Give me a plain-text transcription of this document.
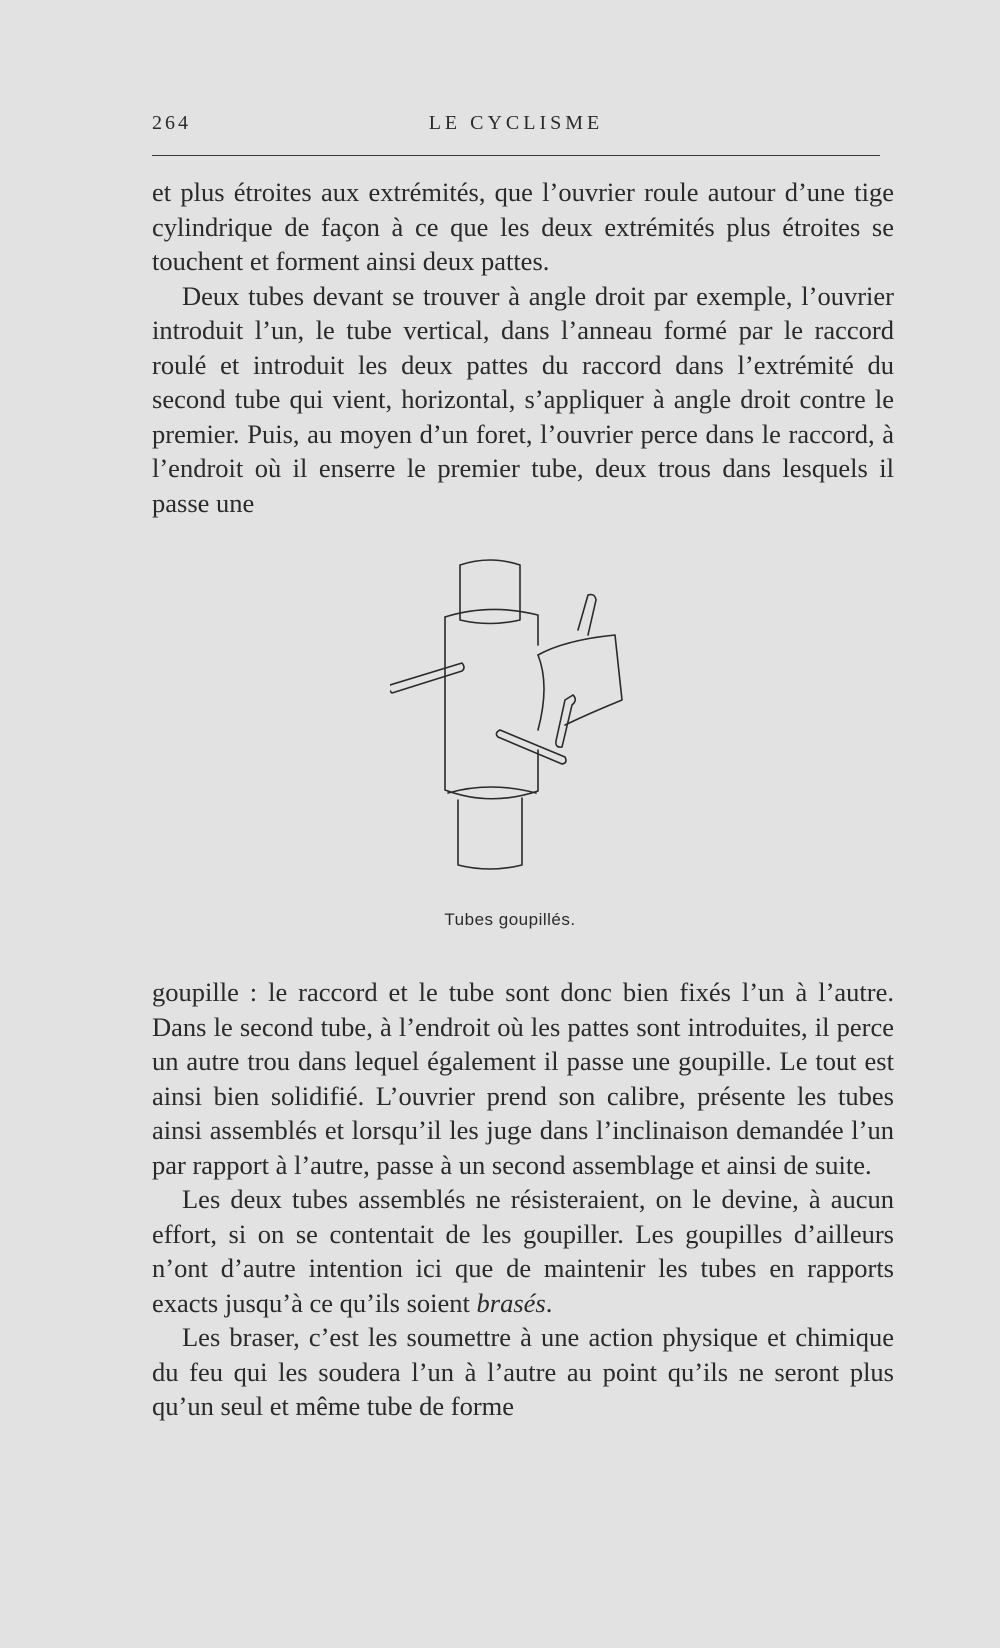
264	LE CYCLISME

et plus étroites aux extrémités, que l’ouvrier roule autour d’une tige cylindrique de façon à ce que les deux extrémités plus étroites se touchent et forment ainsi deux pattes.

Deux tubes devant se trouver à angle droit par exemple, l’ouvrier introduit l’un, le tube vertical, dans l’anneau formé par le raccord roulé et introduit les deux pattes du raccord dans l’extrémité du second tube qui vient, horizontal, s’appliquer à angle droit contre le premier. Puis, au moyen d’un foret, l’ouvrier perce dans le raccord, à l’endroit où il enserre le premier tube, deux trous dans lesquels il passe une

Tubes goupillés.

goupille : le raccord et le tube sont donc bien fixés l’un à l’autre. Dans le second tube, à l’endroit où les pattes sont introduites, il perce un autre trou dans lequel également il passe une goupille. Le tout est ainsi bien solidifié. L’ouvrier prend son calibre, présente les tubes ainsi assemblés et lorsqu’il les juge dans l’inclinaison demandée l’un par rapport à l’autre, passe à un second assemblage et ainsi de suite.

Les deux tubes assemblés ne résisteraient, on le devine, à aucun effort, si on se contentait de les goupiller. Les goupilles d’ailleurs n’ont d’autre intention ici que de maintenir les tubes en rapports exacts jusqu’à ce qu’ils soient brasés.

Les braser, c’est les soumettre à une action physique et chimique du feu qui les soudera l’un à l’autre au point qu’ils ne seront plus qu’un seul et même tube de forme
